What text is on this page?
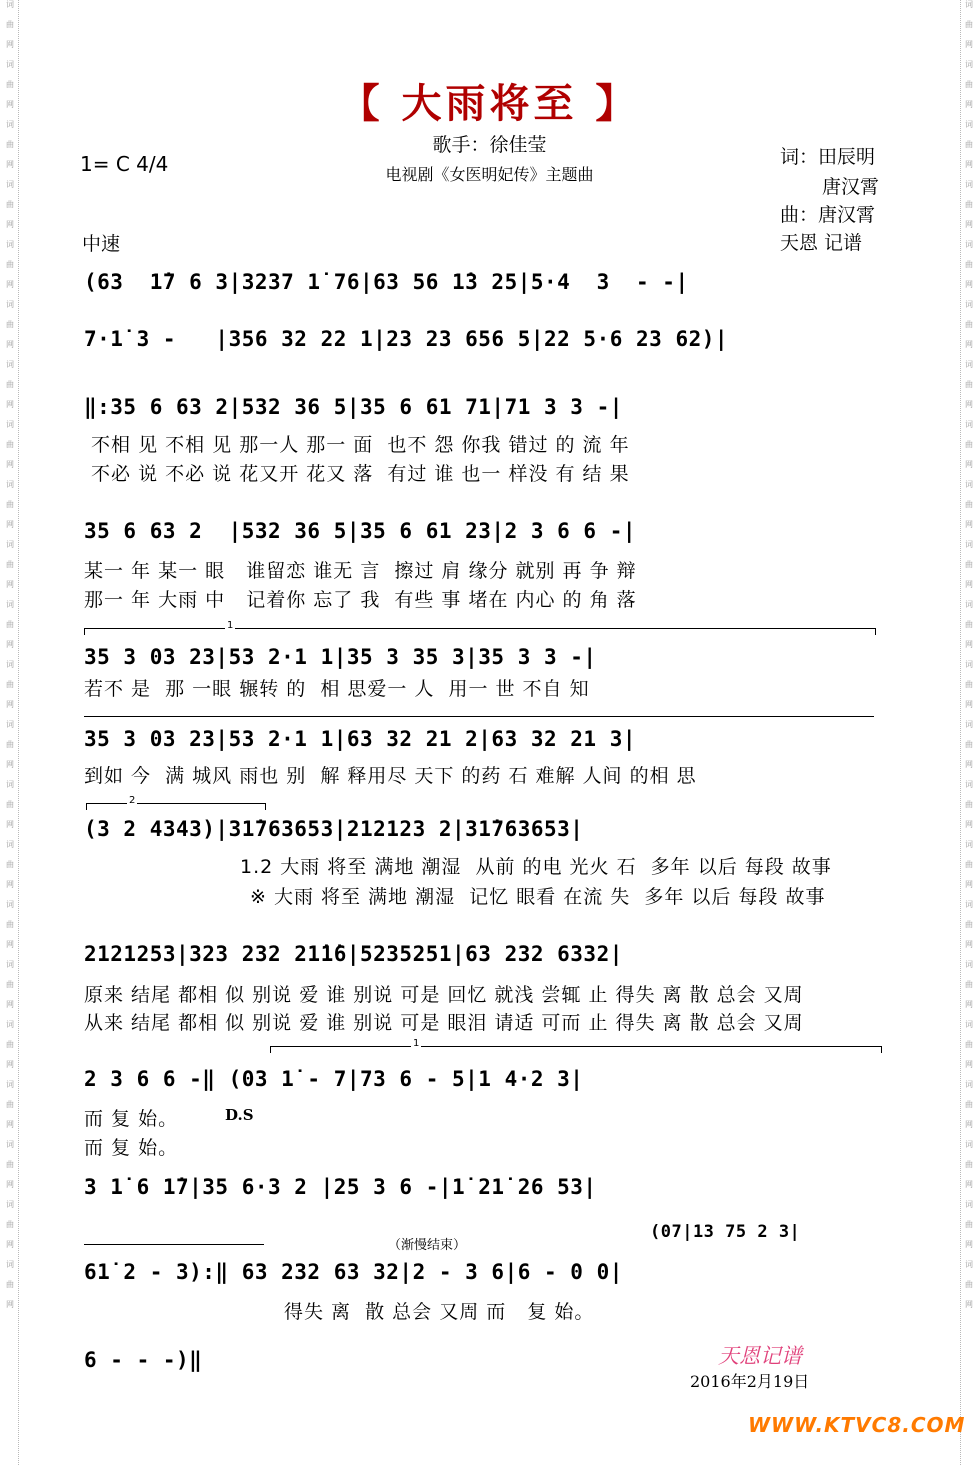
词
曲
网
词
曲
网
词
曲
网
词
曲
网
词
曲
网
词
曲
网
词
曲
网
词
曲
网
词
曲
网
词
曲
网
词
曲
网
词
曲
网
词
曲
网
词
曲
网
词
曲
网
词
曲
网
词
曲
网
词
曲
网
词
曲
网
词
曲
网
词
曲
网
词
曲
网
词
曲
网
词
曲
网
词
曲
网
词
曲
网
词
曲
网
词
曲
网
词
曲
网
词
曲
网
词
曲
网
词
曲
网
词
曲
网
词
曲
网
词
曲
网
词
曲
网
词
曲
网
词
曲
网
词
曲
网
词
曲
网
词
曲
网
词
曲
网
词
曲
网
词
曲
网
【 大雨将至 】
歌手：徐佳莹
电视剧《女医明妃传》主题曲
1= C 4/4	词：田辰明
唐汉霄
曲：唐汉霄
天恩 记谱
中速
(63  1̇7 6 3|3237 1̇ 76|63 56 1̇3 25|5·4  3  - -|
7·1̇ 3 -   |356 32 22 1|23 23 656 5|22 5·6 23 62)|
‖:35 6 63 2|532 36 5|35 6 61 71|71 3 3 -|
不相 见 不相 见 那一人 那一 面  也不 怨 你我 错过 的 流 年
不必 说 不必 说 花又开 花又 落  有过 谁 也一 样没 有 结 果
35 6 63 2  |532 36 5|35 6 61 23|2 3 6 6 -|
某一 年 某一 眼   谁留恋 谁无 言  擦过 肩 缘分 就别 再 争 辩
那一 年 大雨 中   记着你 忘了 我  有些 事 堵在 内心 的 角 落
1
35 3 03 23|53 2·1 1|35 3 35 3|35 3 3 -|
若不 是  那 一眼 辗转 的  相 思爱一 人  用一 世 不自 知
35 3 03 23|53 2·1 1|63 32 21 2|63 32 21 3|
到如 今  满 城风 雨也 别  解 释用尽 天下 的药 石 难解 人间 的相 思
2
(3 2 4343)|31̇763653|212123 2|31̇763653|
1.2 大雨 将至 满地 潮湿  从前 的电 光火 石  多年 以后 每段 故事
※ 大雨 将至 满地 潮湿  记忆 眼看 在流 失  多年 以后 每段 故事
2121253|323 232 21̇1̇6|5235251|63 232 6332|
原来 结尾 都相 似 别说 爱 谁 别说 可是 回忆 就浅 尝辄 止 得失 离 散 总会 又周
从来 结尾 都相 似 别说 爱 谁 别说 可是 眼泪 请适 可而 止 得失 离 散 总会 又周
1
2 3 6 6 -‖ (03 1̇ - 7|73 6 - 5|1 4·2 3|
而 复 始。	D.S
而 复 始。
3 1̇ 6 1̇7|35 6·3 2 |25 3 6 -|1̇ 21̇ 26 53|
（渐慢结束）
(07|13 75 2 3|
61̇ 2 - 3):‖ 63 232 63 32|2 - 3 6|6 - 0 0|
得失 离  散 总会 又周 而   复 始。
6 - - -)‖	天恩记谱
2016年2月19日
WWW.KTVC8.COM
